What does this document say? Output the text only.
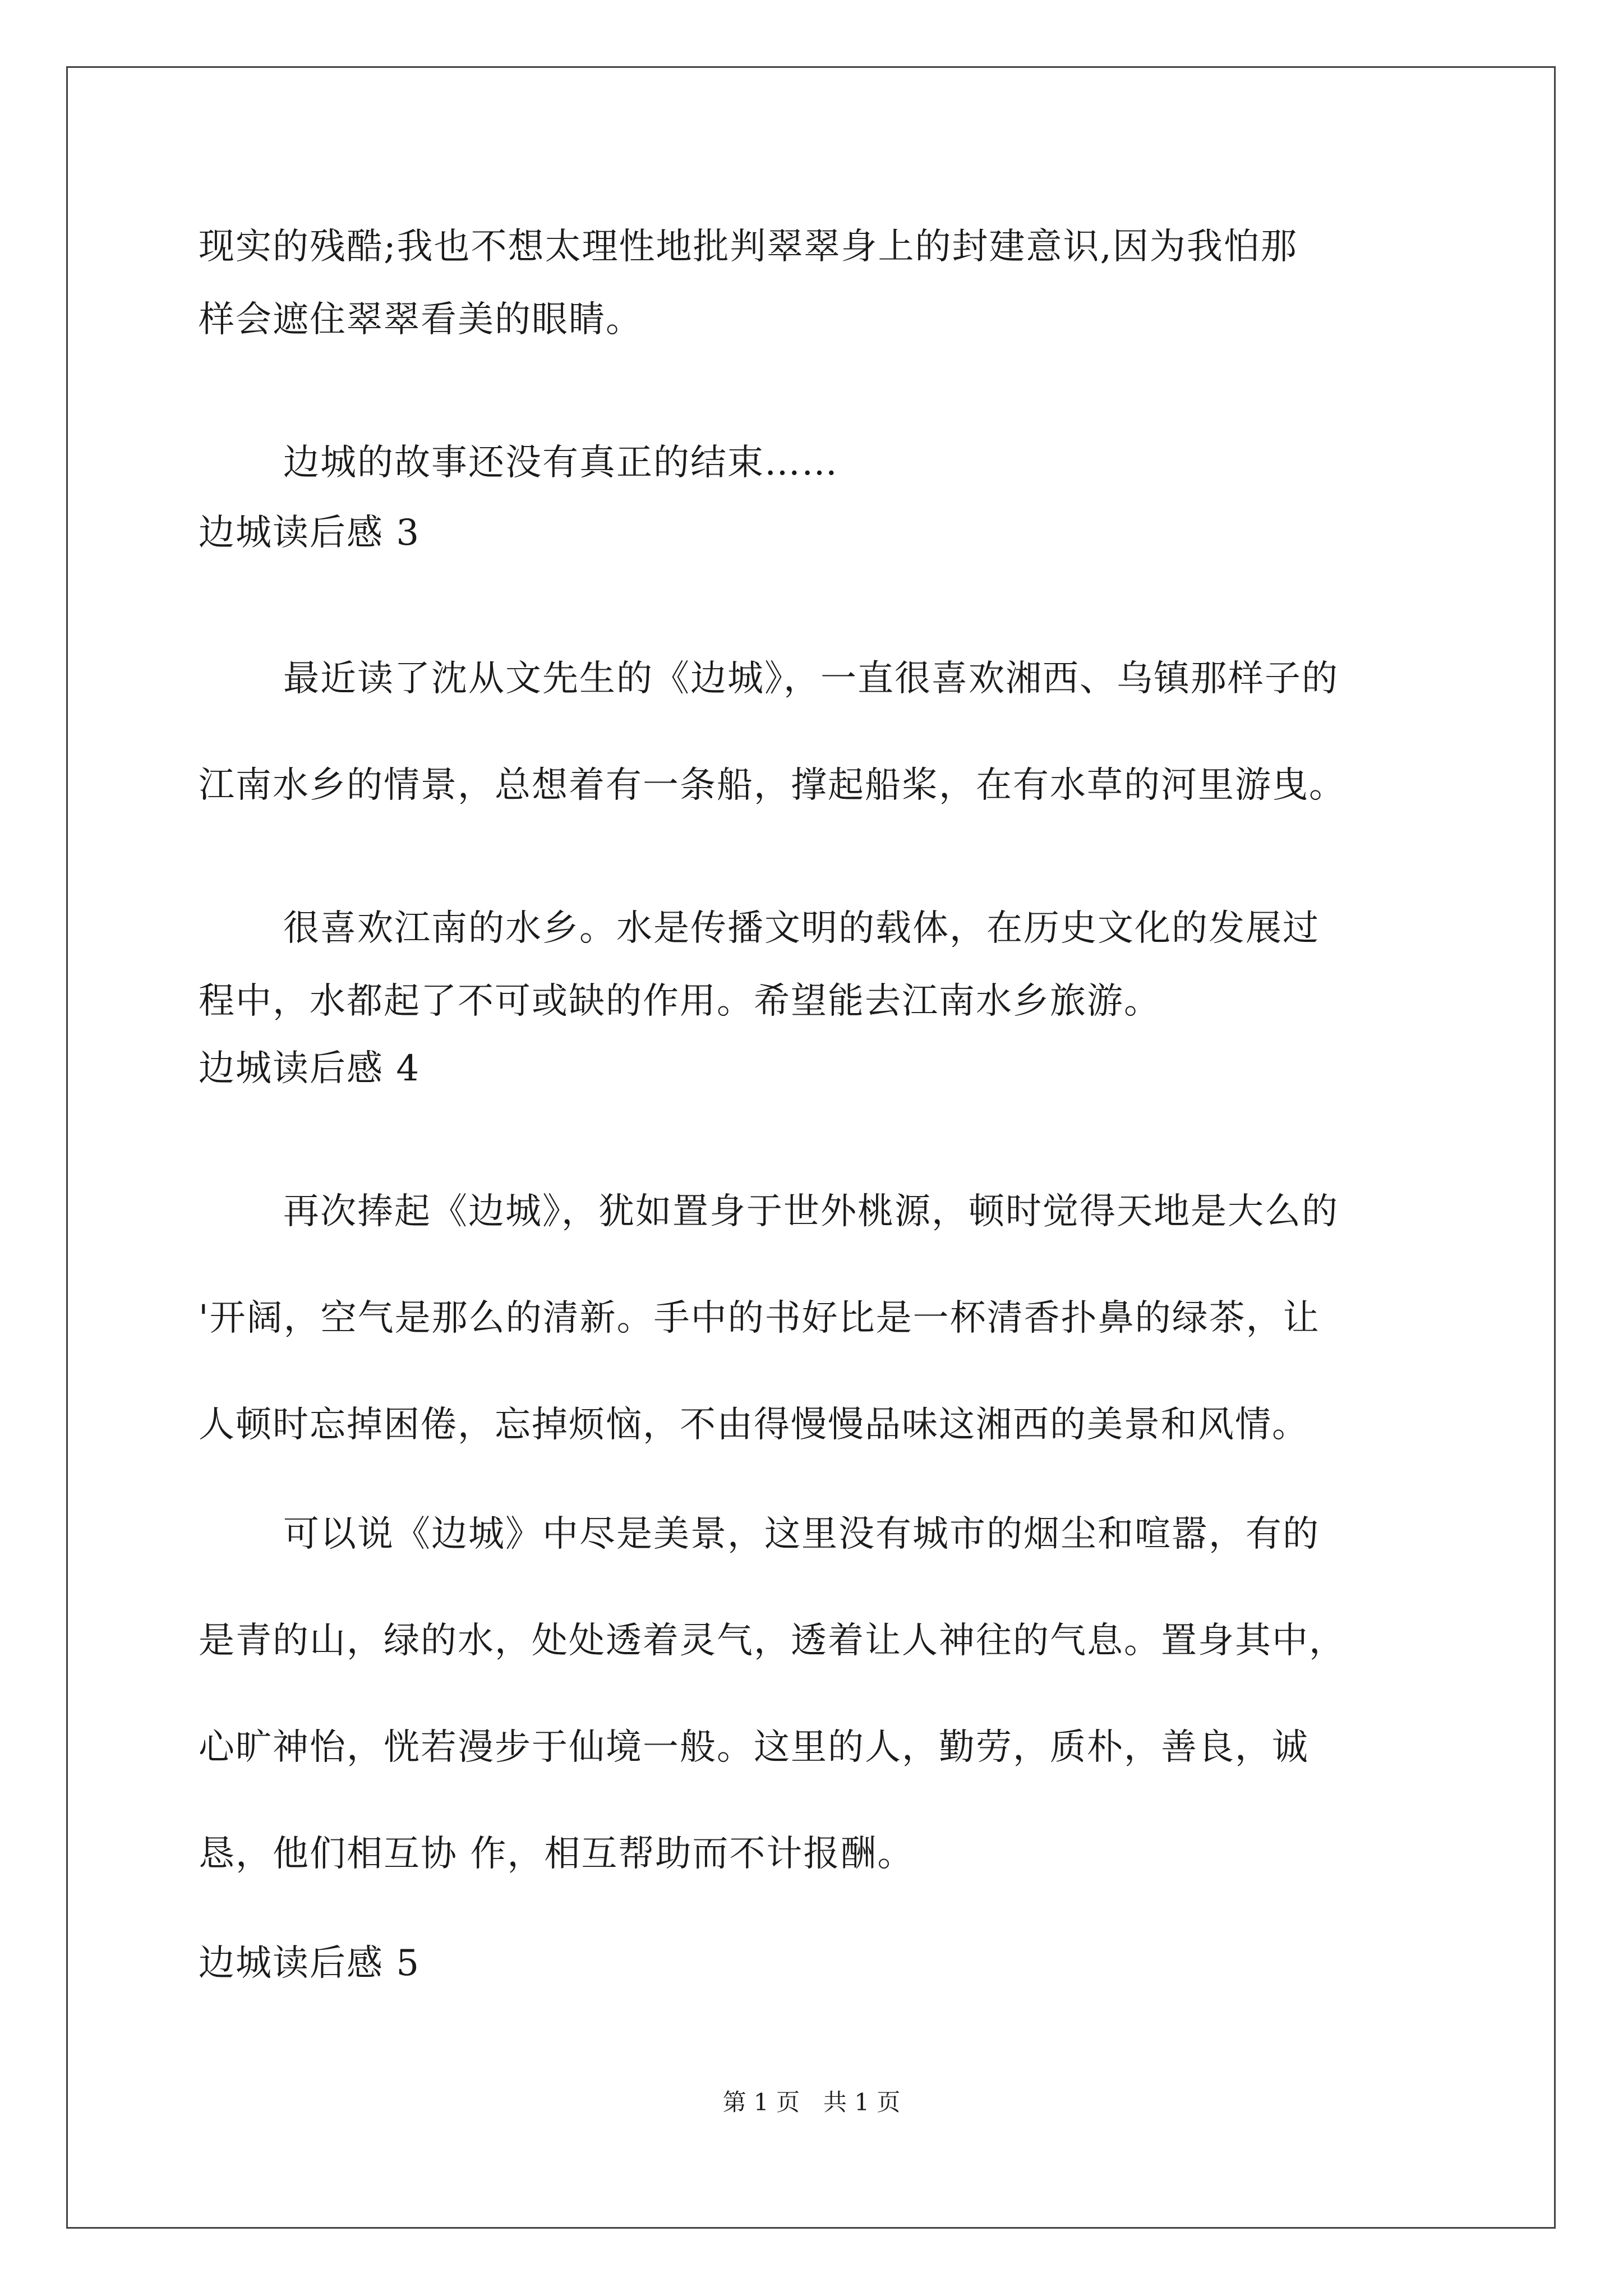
现实的残酷;我也不想太理性地批判翠翠身上的封建意识,因为我怕那
样会遮住翠翠看美的眼睛。
边城的故事还没有真正的结束……
边城读后感 3
最近读了沈从文先生的《边城》，一直很喜欢湘西、乌镇那样子的
江南水乡的情景，总想着有一条船，撑起船桨，在有水草的河里游曳。
很喜欢江南的水乡。水是传播文明的载体，在历史文化的发展过
程中，水都起了不可或缺的作用。希望能去江南水乡旅游。
边城读后感 4
再次捧起《边城》，犹如置身于世外桃源，顿时觉得天地是大么的
'开阔，空气是那么的清新。手中的书好比是一杯清香扑鼻的绿茶，让
人顿时忘掉困倦，忘掉烦恼，不由得慢慢品味这湘西的美景和风情。
可以说《边城》中尽是美景，这里没有城市的烟尘和喧嚣，有的
是青的山，绿的水，处处透着灵气，透着让人神往的气息。置身其中，
心旷神怡，恍若漫步于仙境一般。这里的人，勤劳，质朴，善良，诚
恳，他们相互协 作，相互帮助而不计报酬。
边城读后感 5
第 1 页　共 1 页
